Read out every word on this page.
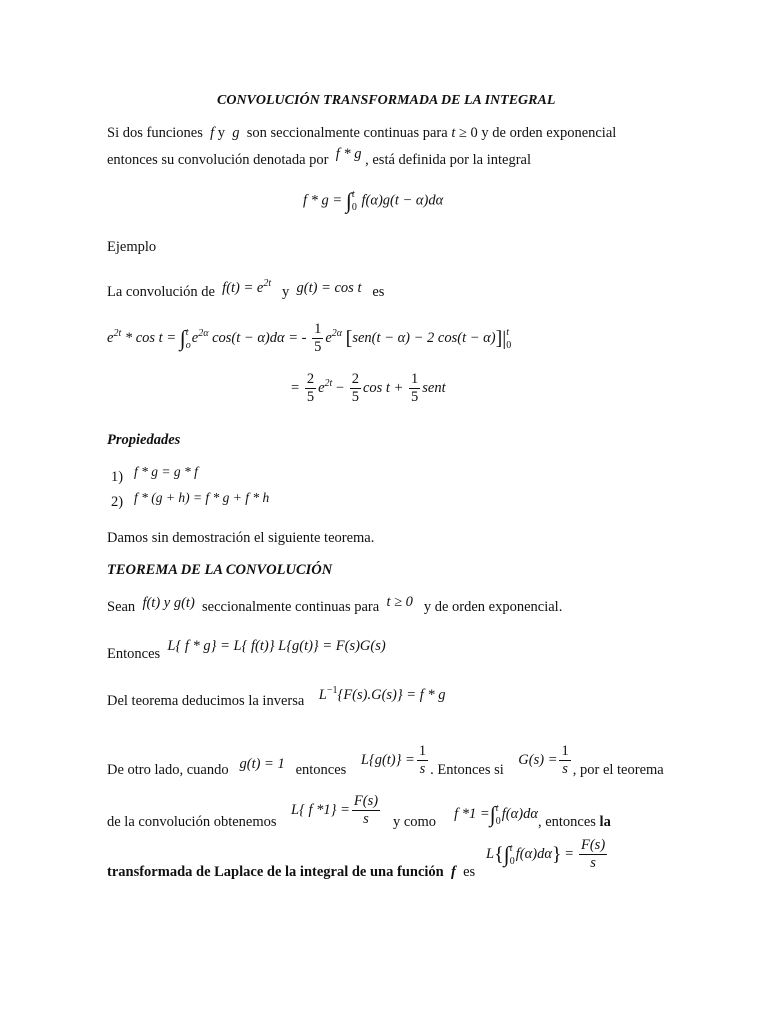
CONVOLUCIÓN TRANSFORMADA DE LA INTEGRAL
Si dos funciones f y g son seccionalmente continuas para t ≥ 0 y de orden exponencial
entonces su convolución denotada por f * g , está definida por la integral
f * g = ∫ t
0 f(α)g(t − α)dα
Ejemplo
La convolución de $f(t) = e^{2t}$   y g(t) = cos t es
$e^{2t}$ * cos t = ∫ t
o $e^{2\alpha}$ cos(t − α)dα = - $\frac{1}{5} e^{2\alpha}$ [sen(t − α) − 2 cos(t − α)]| t
0
= $\frac{2}{5} e^{2t} - \frac{2}{5}$ $\cos t + \frac{1}{5}$ sent
Propiedades
1) f * g = g * f
2) f * (g + h) = f * g + f * h
Damos sin demostración el siguiente teorema.
TEOREMA DE LA CONVOLUCIÓN
Sean f(t) y g(t) seccionalmente continuas para t ≥ 0 y de orden exponencial.
Entonces L{ f * g} = L{ f(t)} L{g(t)} = F(s)G(s)
Del teorema deducimos la inversa $L^{-1}\{F(s).G(s)\} = f * g$
De otro lado, cuando g(t) = 1 entonces    $L\{g(t)\} = \frac{1}{s}$ . Entonces si    $G(s) = \frac{1}{s}$ , por el teorema
de la convolución obtenemos    L{ f $*1\} = \frac{F(s)}{s}$ y como f *1 =∫ t
0 f(α)dα, entonces la
transformada de Laplace de la integral de una función f es   L{∫ t
0 $f(\alpha)d\alpha\} = \frac{F(s)}{s}$
